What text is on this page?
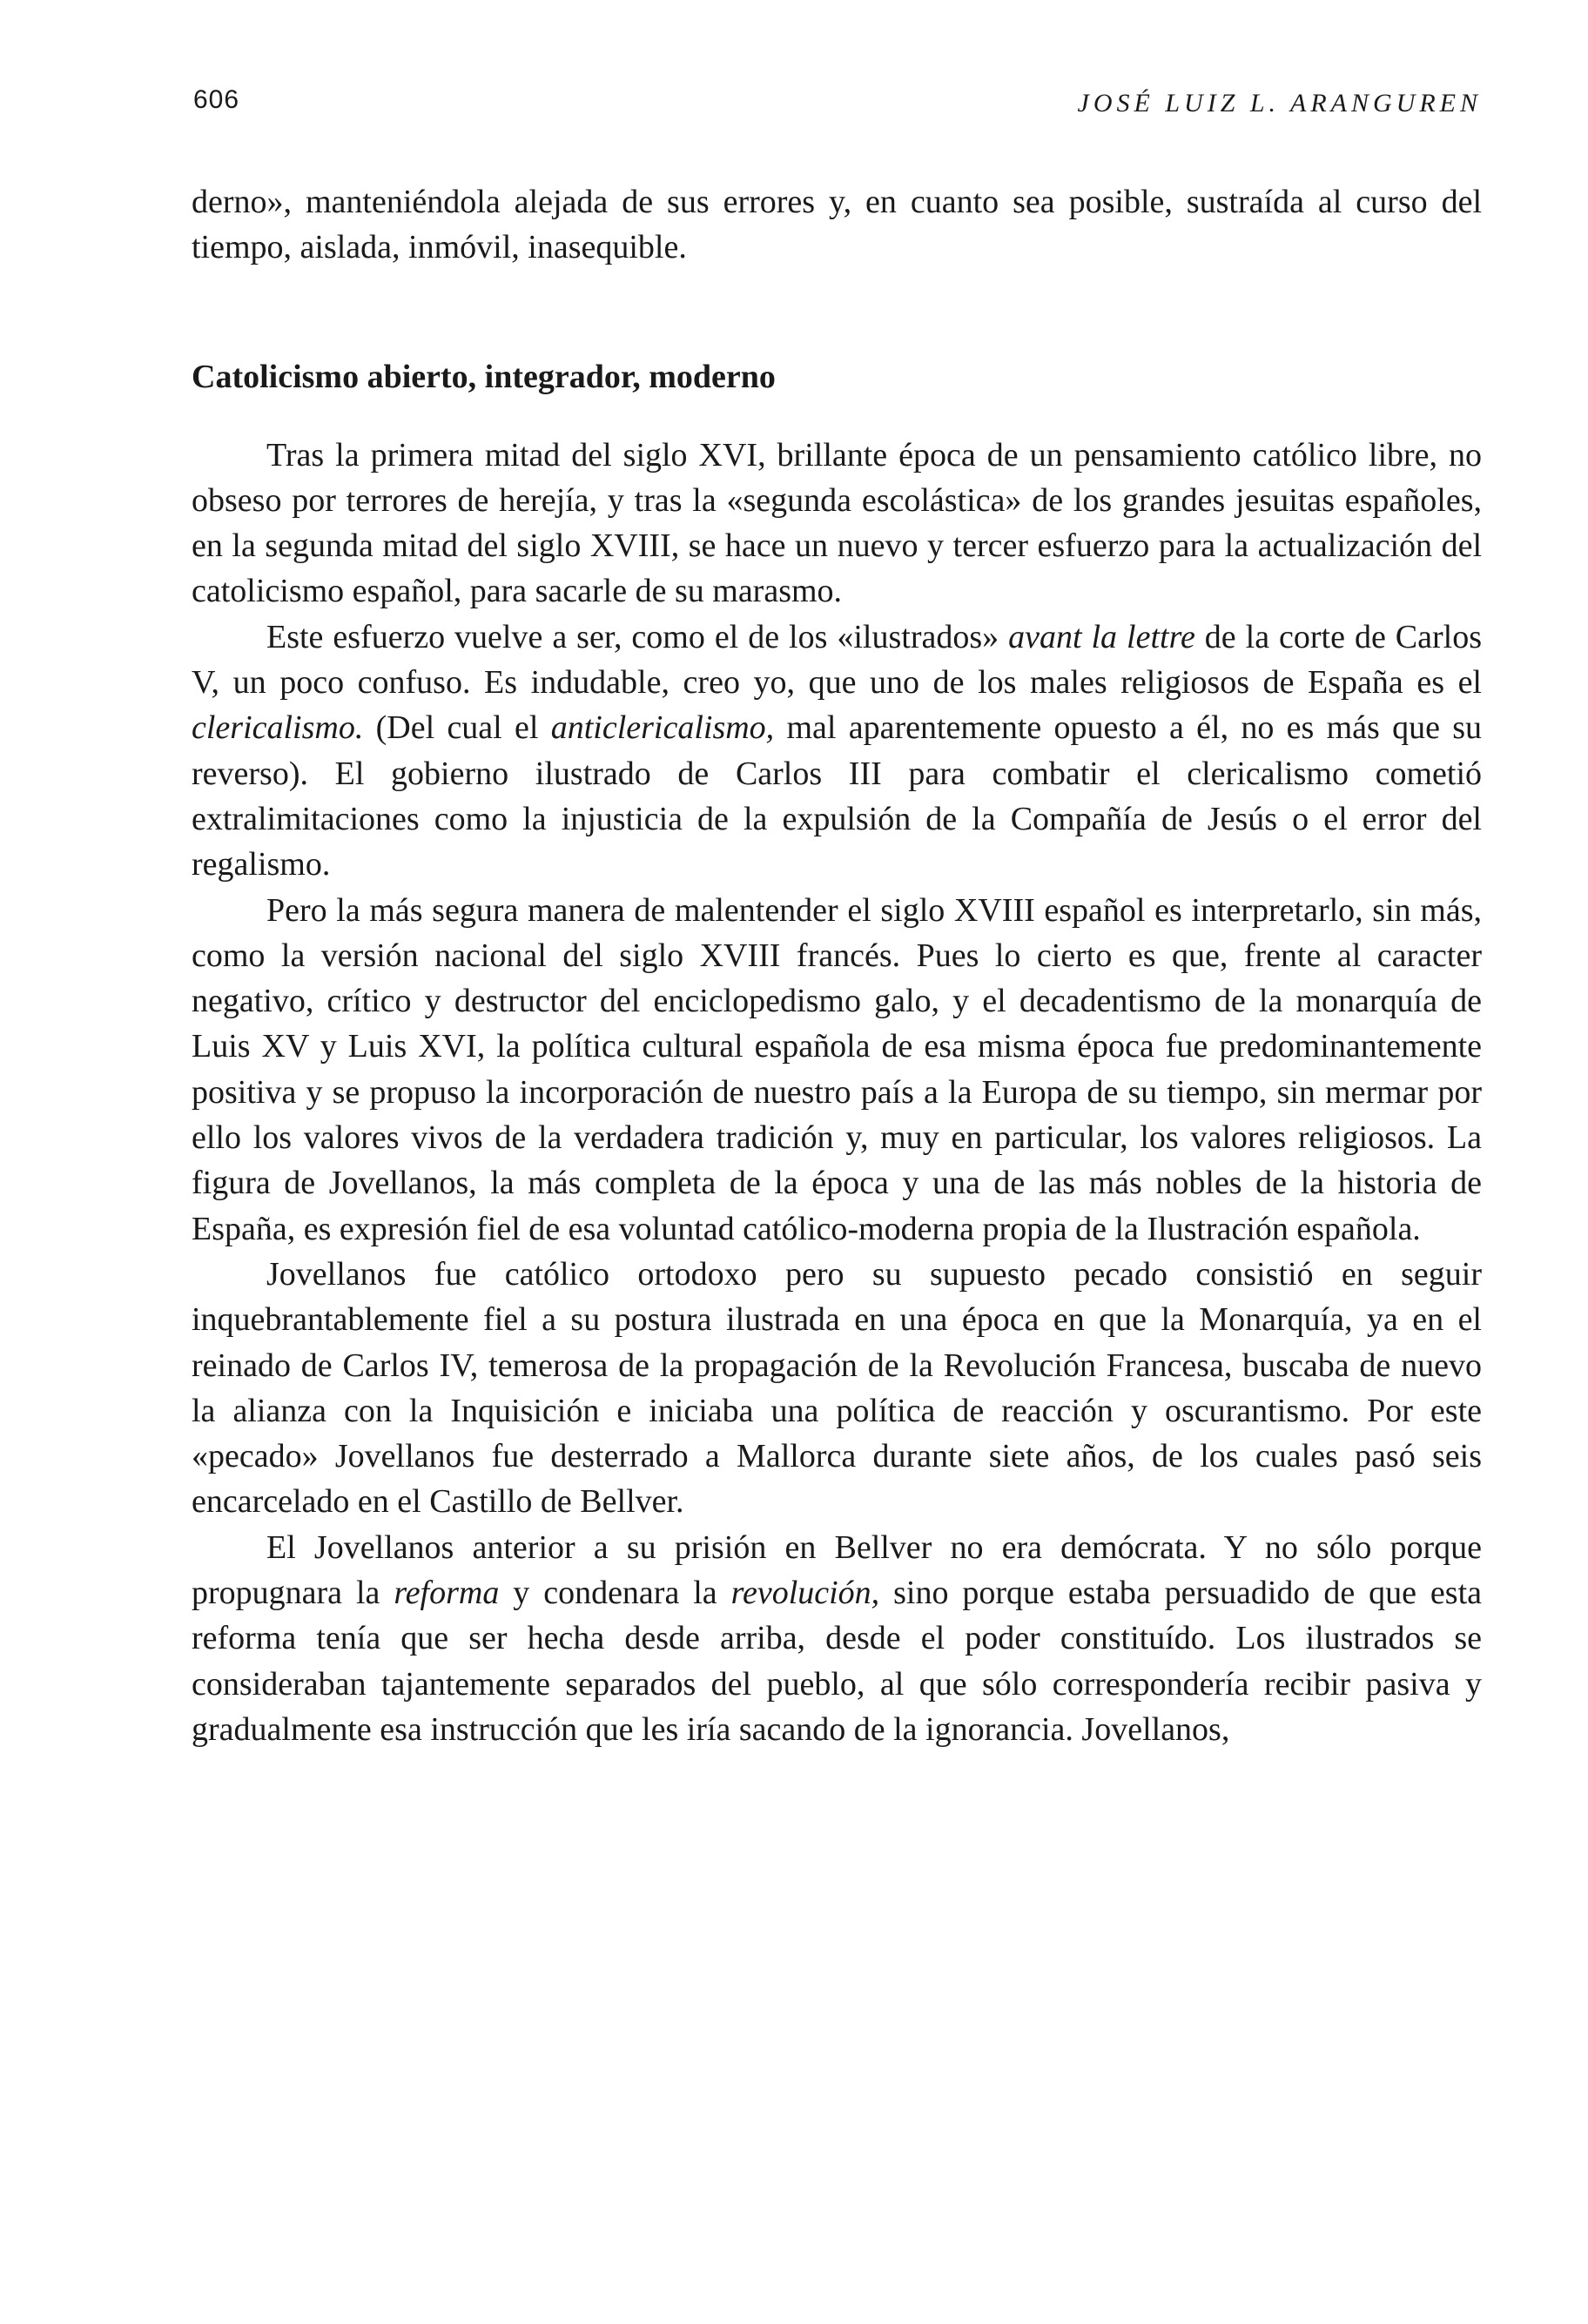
606	JOSÉ LUIZ L. ARANGUREN

derno», manteniéndola alejada de sus errores y, en cuanto sea posible, sustraída al curso del tiempo, aislada, inmóvil, inasequible.

Catolicismo abierto, integrador, moderno

Tras la primera mitad del siglo XVI, brillante época de un pensamiento católico libre, no obseso por terrores de herejía, y tras la «segunda escolástica» de los grandes jesuitas españoles, en la segunda mitad del siglo XVIII, se hace un nuevo y tercer esfuerzo para la actualización del catolicismo español, para sacarle de su marasmo.

Este esfuerzo vuelve a ser, como el de los «ilustrados» avant la lettre de la corte de Carlos V, un poco confuso. Es indudable, creo yo, que uno de los males religiosos de España es el clericalismo. (Del cual el anticlericalismo, mal aparentemente opuesto a él, no es más que su reverso). El gobierno ilustrado de Carlos III para combatir el clericalismo cometió extralimitaciones como la injusticia de la expulsión de la Compañía de Jesús o el error del regalismo.

Pero la más segura manera de malentender el siglo XVIII español es interpretarlo, sin más, como la versión nacional del siglo XVIII francés. Pues lo cierto es que, frente al caracter negativo, crítico y destructor del enciclopedismo galo, y el decadentismo de la monarquía de Luis XV y Luis XVI, la política cultural española de esa misma época fue predominantemente positiva y se propuso la incorporación de nuestro país a la Europa de su tiempo, sin mermar por ello los valores vivos de la verdadera tradición y, muy en particular, los valores religiosos. La figura de Jovellanos, la más completa de la época y una de las más nobles de la historia de España, es expresión fiel de esa voluntad católico-moderna propia de la Ilustración española.

Jovellanos fue católico ortodoxo pero su supuesto pecado consistió en seguir inquebrantablemente fiel a su postura ilustrada en una época en que la Monarquía, ya en el reinado de Carlos IV, temerosa de la propagación de la Revolución Francesa, buscaba de nuevo la alianza con la Inquisición e iniciaba una política de reacción y oscurantismo. Por este «pecado» Jovellanos fue desterrado a Mallorca durante siete años, de los cuales pasó seis encarcelado en el Castillo de Bellver.

El Jovellanos anterior a su prisión en Bellver no era demócrata. Y no sólo porque propugnara la reforma y condenara la revolución, sino porque estaba persuadido de que esta reforma tenía que ser hecha desde arriba, desde el poder constituído. Los ilustrados se consideraban tajantemente separados del pueblo, al que sólo correspondería recibir pasiva y gradualmente esa instrucción que les iría sacando de la ignorancia. Jovellanos,
